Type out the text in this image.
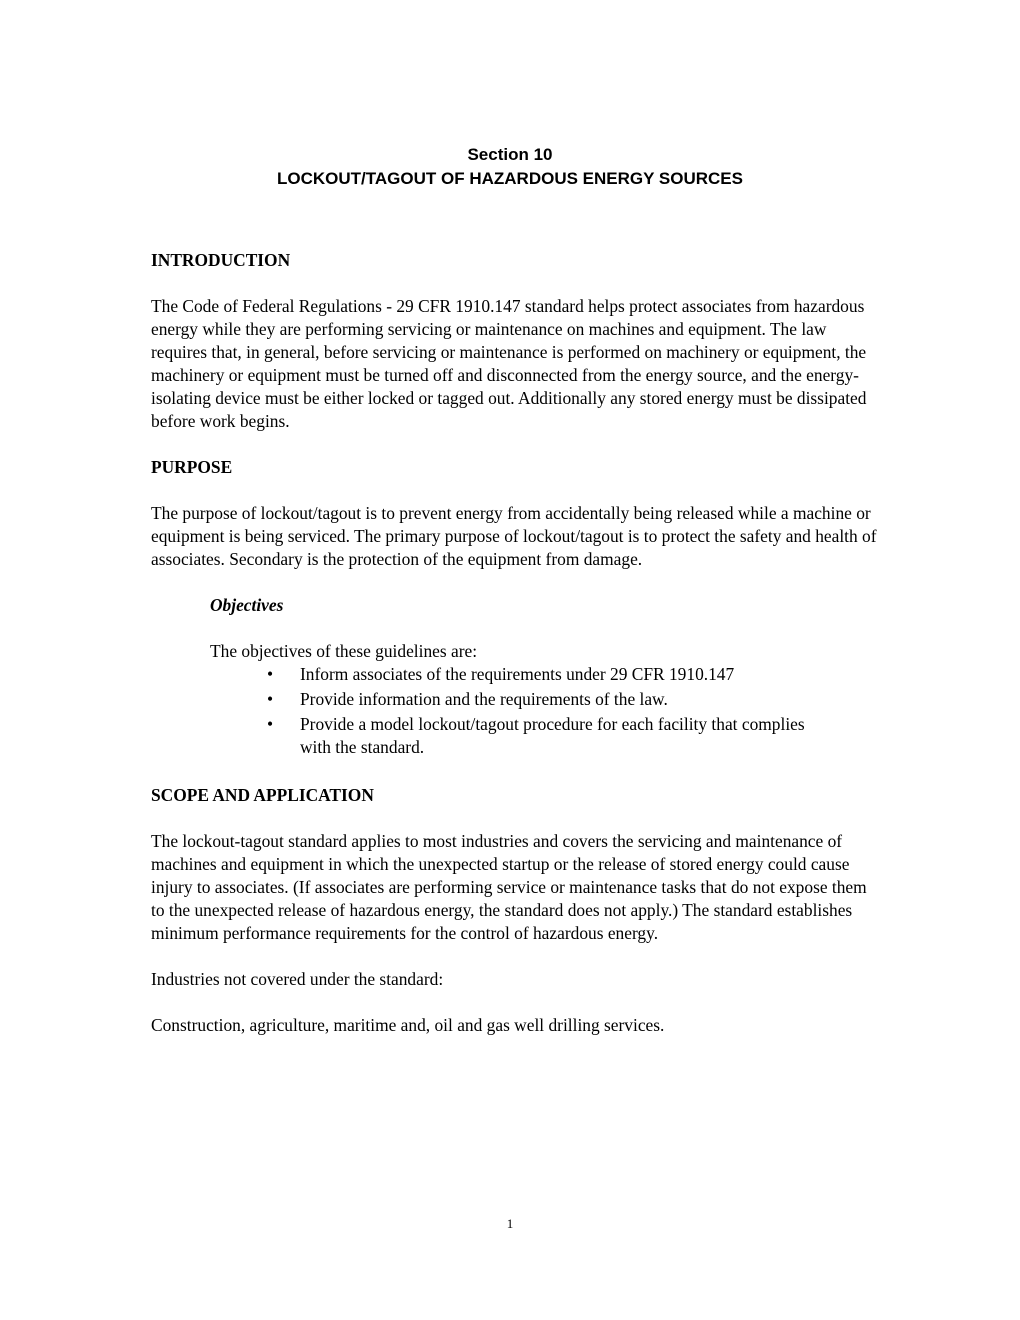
Section 10
LOCKOUT/TAGOUT OF HAZARDOUS ENERGY SOURCES
INTRODUCTION

The Code of Federal Regulations - 29 CFR 1910.147 standard helps protect associates from hazardous energy while they are performing servicing or maintenance on machines and equipment. The law requires that, in general, before servicing or maintenance is performed on machinery or equipment, the machinery or equipment must be turned off and disconnected from the energy source, and the energy-isolating device must be either locked or tagged out. Additionally any stored energy must be dissipated before work begins.

PURPOSE

The purpose of lockout/tagout is to prevent energy from accidentally being released while a machine or equipment is being serviced. The primary purpose of lockout/tagout is to protect the safety and health of associates. Secondary is the protection of the equipment from damage.

Objectives

The objectives of these guidelines are:

• Inform associates of the requirements under 29 CFR 1910.147
• Provide information and the requirements of the law.
• Provide a model lockout/tagout procedure for each facility that complies with the standard.
SCOPE AND APPLICATION

The lockout-tagout standard applies to most industries and covers the servicing and maintenance of machines and equipment in which the unexpected startup or the release of stored energy could cause injury to associates. (If associates are performing service or maintenance tasks that do not expose them to the unexpected release of hazardous energy, the standard does not apply.) The standard establishes minimum performance requirements for the control of hazardous energy.

Industries not covered under the standard:

Construction, agriculture, maritime and, oil and gas well drilling services.

1
